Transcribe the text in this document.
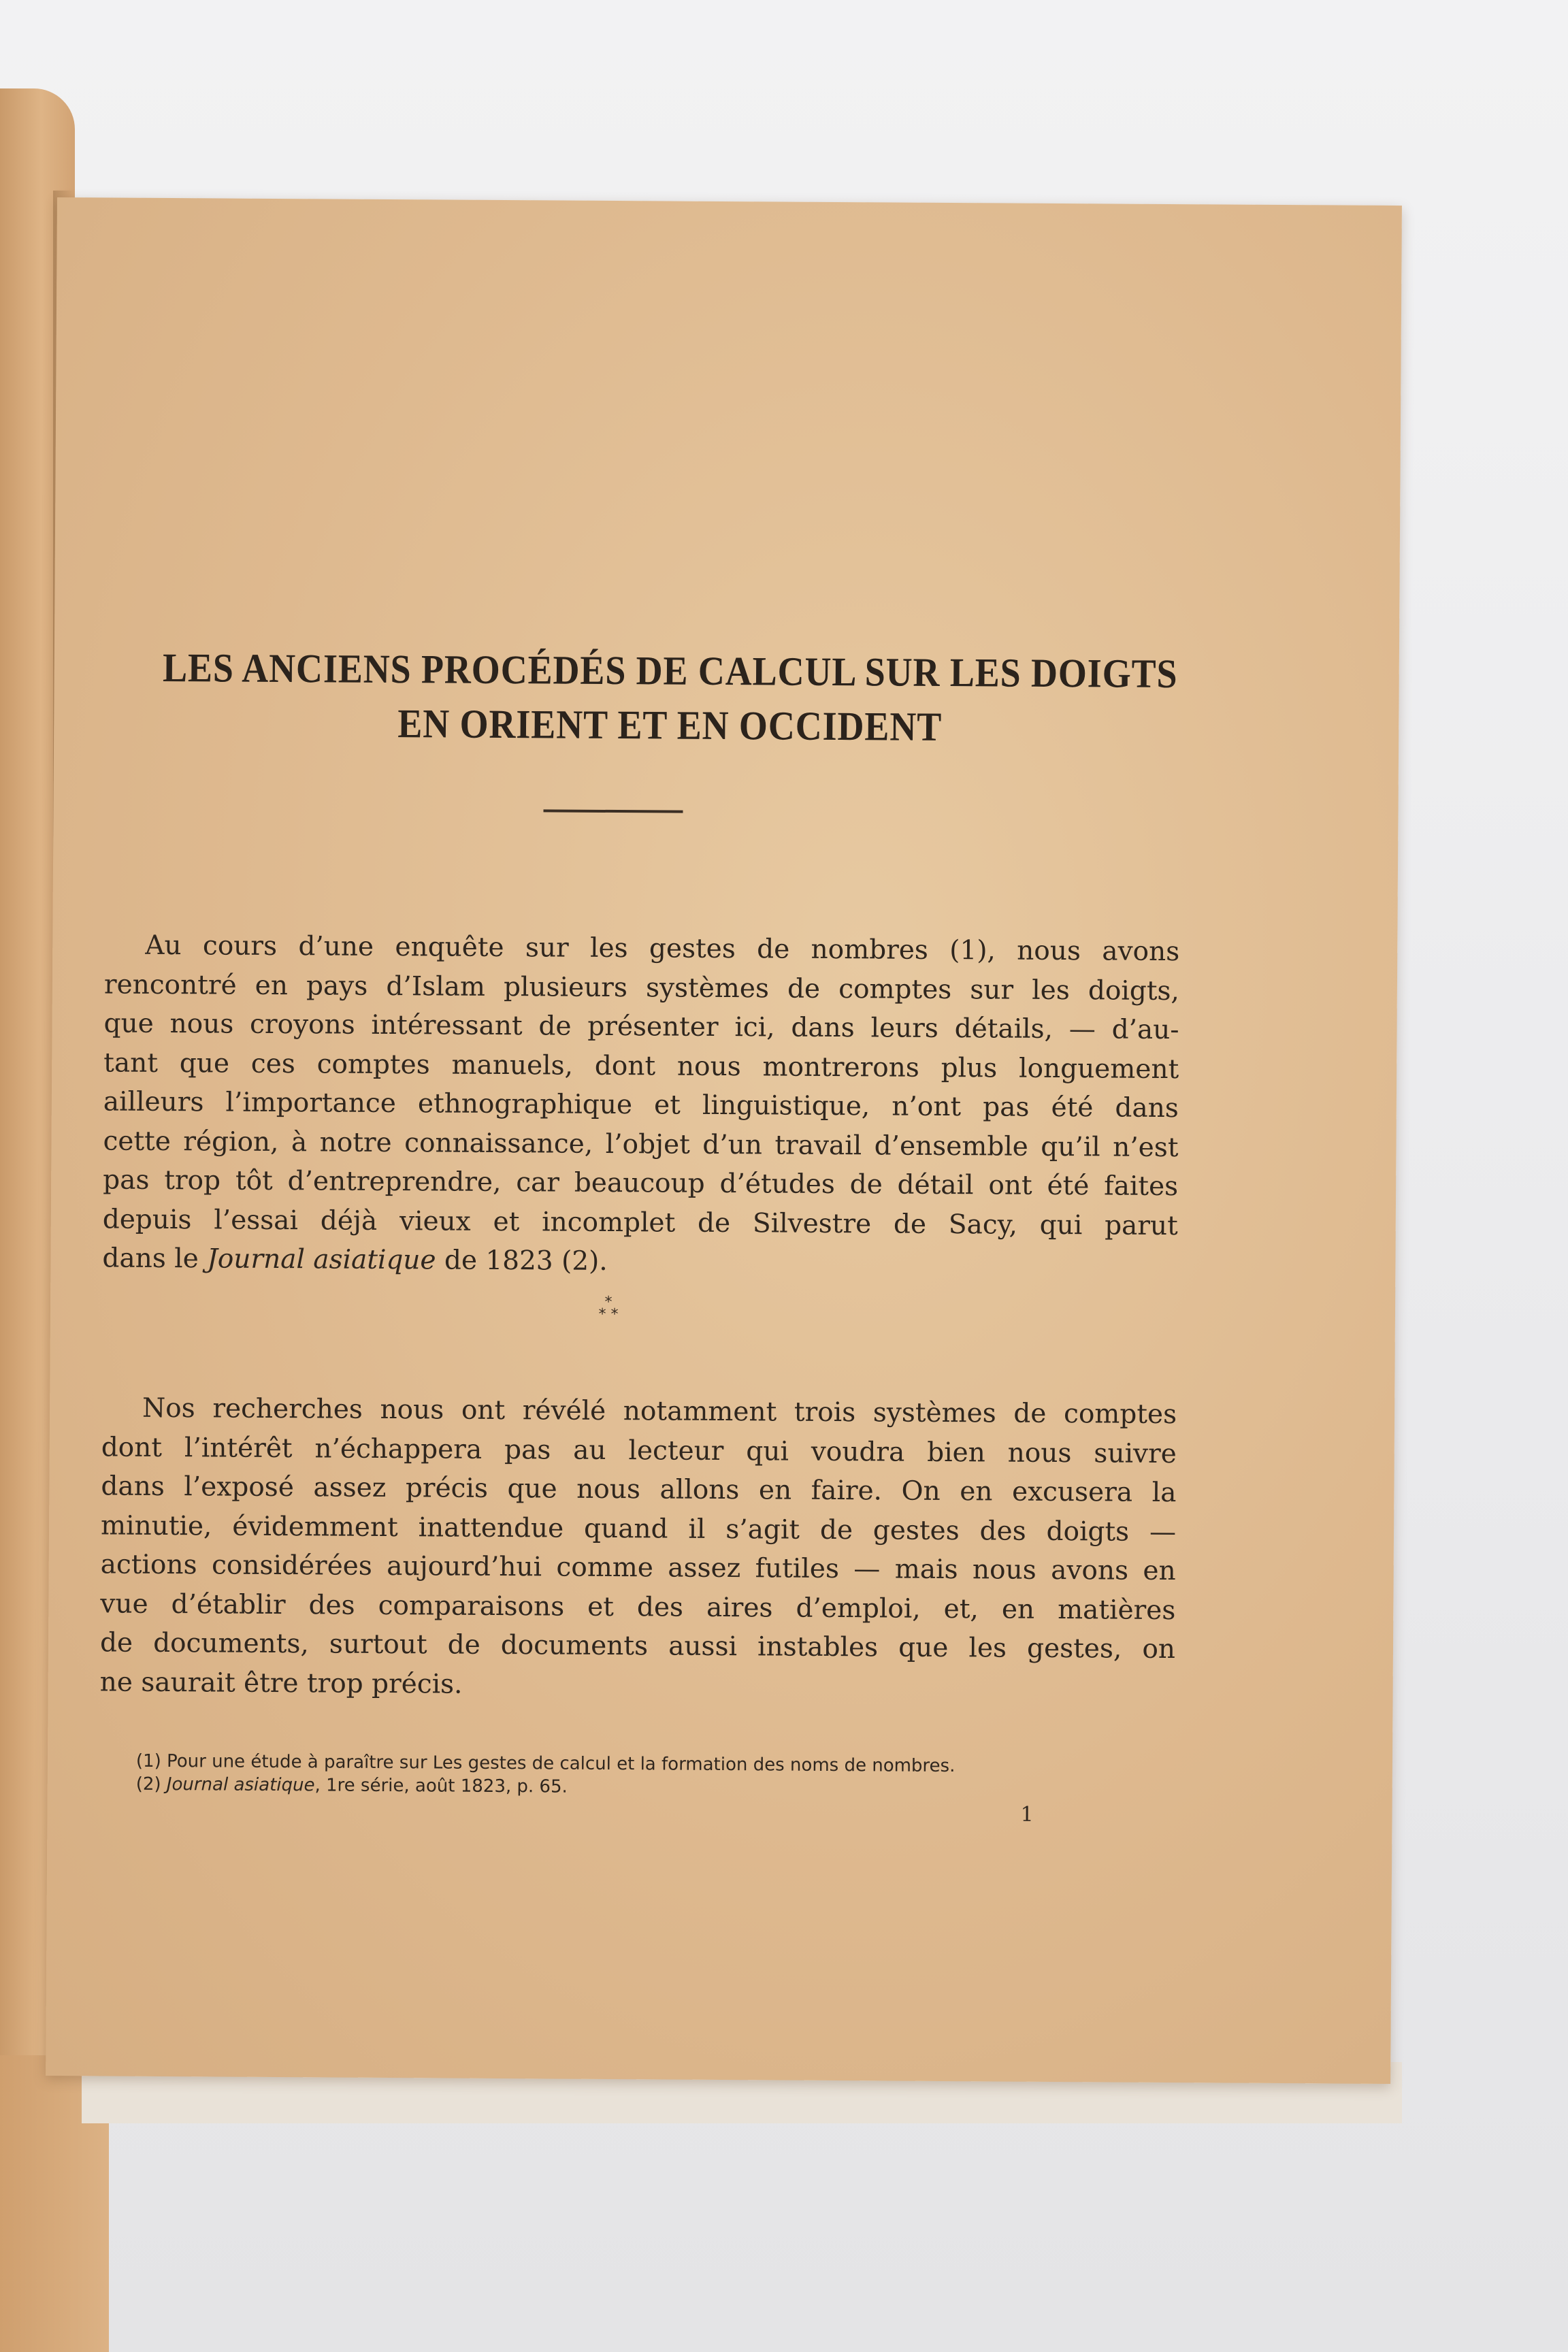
LES ANCIENS PROCÉDÉS DE CALCUL SUR LES DOIGTS
EN ORIENT ET EN OCCIDENT
Au cours d’une enquête sur les gestes de nombres (1), nous avons
rencontré en pays d’Islam plusieurs systèmes de comptes sur les doigts,
que nous croyons intéressant de présenter ici, dans leurs détails, — d’au-
tant que ces comptes manuels, dont nous montrerons plus longuement
ailleurs l’importance ethnographique et linguistique, n’ont pas été dans
cette région, à notre connaissance, l’objet d’un travail d’ensemble qu’il n’est
pas trop tôt d’entreprendre, car beaucoup d’études de détail ont été faites
depuis l’essai déjà vieux et incomplet de Silvestre de Sacy, qui parut
dans le Journal asiatique de 1823 (2).
*
* *
Nos recherches nous ont révélé notamment trois systèmes de comptes
dont l’intérêt n’échappera pas au lecteur qui voudra bien nous suivre
dans l’exposé assez précis que nous allons en faire. On en excusera la
minutie, évidemment inattendue quand il s’agit de gestes des doigts —
actions considérées aujourd’hui comme assez futiles — mais nous avons en
vue d’établir des comparaisons et des aires d’emploi, et, en matières
de documents, surtout de documents aussi instables que les gestes, on
ne saurait être trop précis.
(1) Pour une étude à paraître sur Les gestes de calcul et la formation des noms de nombres.
(2) Journal asiatique, 1re série, août 1823, p. 65.
1
